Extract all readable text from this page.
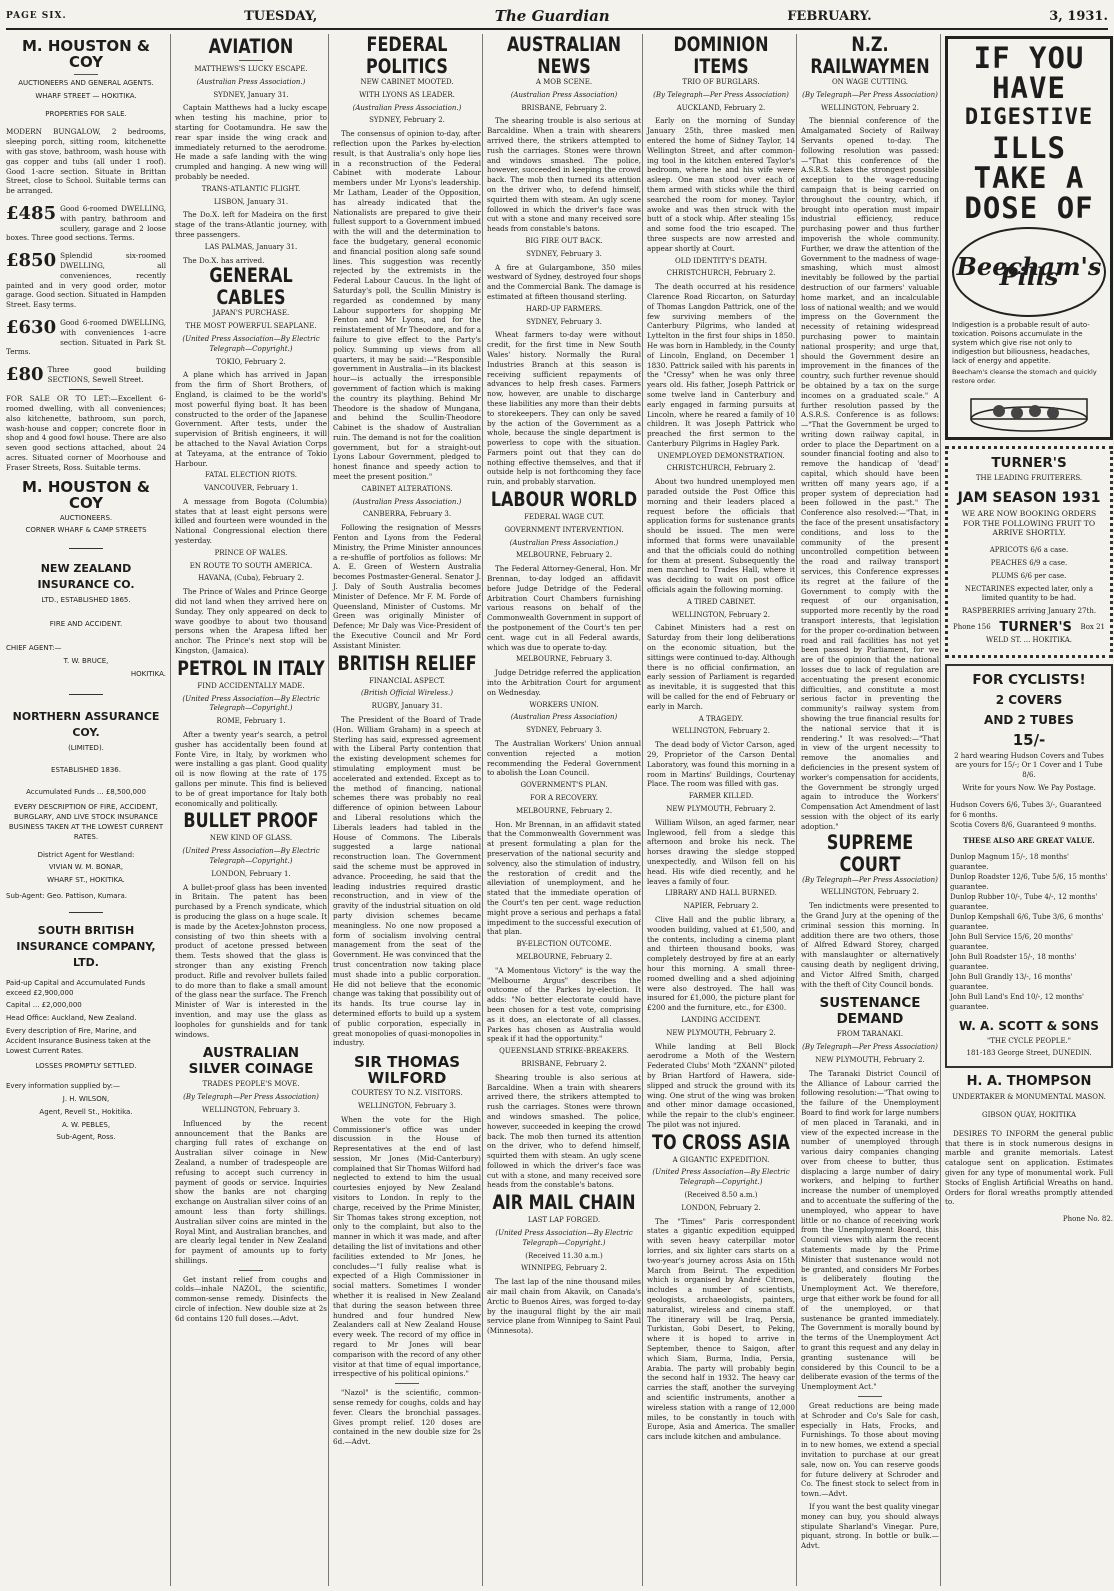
PAGE SIX.	TUESDAY,	The Guardian	FEBRUARY.	3, 1931.
M. HOUSTON & COY
AUCTIONEERS AND GENERAL AGENTS.
WHARF STREET — HOKITIKA.
PROPERTIES FOR SALE.

MODERN BUNGALOW, 2 bedrooms, sleeping porch, sitting room, kitchenette with gas stove, bathroom, wash house with gas copper and tubs (all under 1 roof). Good 1-acre section. Situate in Brittan Street, close to School. Suitable terms can be arranged.

£485 Good 6-roomed DWELLING, with pantry, bathroom and scullery, garage and 2 loose boxes. Three good sections. Terms.
£850 Splendid six-roomed DWELLING, all conveniences, recently painted and in very good order, motor garage. Good section. Situated in Hampden Street. Easy terms.
£630 Good 6-roomed DWELLING, with conveniences 1-acre section. Situated in Park St. Terms.
£80 Three good building SECTIONS, Sewell Street.

FOR SALE OR TO LET:—Excellent 6-roomed dwelling, with all conveniences; also kitchenette, bathroom, sun porch, wash-house and copper; concrete floor in shop and 4 good fowl house. There are also seven good sections attached, about 24 acres. Situated corner of Moorhouse and Fraser Streets, Ross. Suitable terms.

M. HOUSTON & COY
AUCTIONEERS.
CORNER WHARF & CAMP STREETS
NEW ZEALAND INSURANCE CO.
LTD., ESTABLISHED 1865.
FIRE AND ACCIDENT.
CHIEF AGENT:—
T. W. BRUCE,
HOKITIKA.
NORTHERN ASSURANCE COY.
(LIMITED).
ESTABLISHED 1836.
Accumulated Funds ... £8,500,000
EVERY DESCRIPTION OF FIRE, ACCIDENT, BURGLARY, AND LIVE STOCK INSURANCE BUSINESS TAKEN AT THE LOWEST CURRENT RATES.
District Agent for Westland:
VIVIAN W. M. BONAR,
WHARF ST., HOKITIKA.
Sub-Agent: Geo. Pattison, Kumara.
SOUTH BRITISH INSURANCE COMPANY, LTD.
Paid-up Capital and Accumulated Funds exceed £2,900,000
Capital ... £2,000,000
Head Office: Auckland, New Zealand.
Every description of Fire, Marine, and Accident Insurance Business taken at the Lowest Current Rates.
LOSSES PROMPTLY SETTLED.
Every information supplied by:—
J. H. WILSON,
Agent, Revell St., Hokitika.
A. W. PEBLES,
Sub-Agent, Ross.
AVIATION
MATTHEWS'S LUCKY ESCAPE.
(Australian Press Association.)
SYDNEY, January 31.

Captain Matthews had a lucky escape when testing his machine, prior to starting for Cootamundra. He saw the rear spar inside the wing crack and immediately returned to the aerodrome. He made a safe landing with the wing crumpled and hanging. A new wing will probably be needed.

TRANS-ATLANTIC FLIGHT.
LISBON, January 31.

The Do.X. left for Madeira on the first stage of the trans-Atlantic journey, with three passengers.

LAS PALMAS, January 31.

The Do.X. has arrived.

GENERAL CABLES
JAPAN'S PURCHASE.
THE MOST POWERFUL SEAPLANE.
(United Press Association—By Electric Telegraph—Copyright.)
TOKIO, February 2.

A plane which has arrived in Japan from the firm of Short Brothers, of England, is claimed to be the world's most powerful flying boat. It has been constructed to the order of the Japanese Government. After tests, under the supervision of British engineers, it will be attached to the Naval Aviation Corps at Tateyama, at the entrance of Tokio Harbour.

FATAL ELECTION RIOTS.
VANCOUVER, February 1.

A message from Bogota (Columbia) states that at least eight persons were killed and fourteen were wounded in the National Congressional election there yesterday.

PRINCE OF WALES.
EN ROUTE TO SOUTH AMERICA.
HAVANA, (Cuba), February 2.

The Prince of Wales and Prince George did not land when they arrived here on Sunday. They only appeared on deck to wave goodbye to about two thousand persons when the Arapesa lifted her anchor. The Prince's next stop will be Kingston, (Jamaica).

PETROL IN ITALY
FIND ACCIDENTALLY MADE.
(United Press Association—By Electric Telegraph—Copyright.)
ROME, February 1.

After a twenty year's search, a petrol gusher has accidentally been found at Fonte Vire, in Italy, by workmen who were installing a gas plant. Good quality oil is now flowing at the rate of 175 gallons per minute. This find is believed to be of great importance for Italy both economically and politically.

BULLET PROOF
NEW KIND OF GLASS.
(United Press Association—By Electric Telegraph—Copyright.)
LONDON, February 1.

A bullet-proof glass has been invented in Britain. The patent has been purchased by a French syndicate, which is producing the glass on a huge scale. It is made by the Acetex-Johnston process, consisting of two thin sheets with a product of acetone pressed between them. Tests showed that the glass is stronger than any existing French product. Rifle and revolver bullets failed to do more than to flake a small amount of the glass near the surface. The French Minister of War is interested in the invention, and may use the glass as loopholes for gunshields and for tank windows.

AUSTRALIAN SILVER COINAGE
TRADES PEOPLE'S MOVE.
(By Telegraph—Per Press Association)
WELLINGTON, February 3.

Influenced by the recent announcement that the Banks are charging full rates of exchange on Australian silver coinage in New Zealand, a number of tradespeople are refusing to accept such currency in payment of goods or service. Inquiries show the banks are not charging exchange on Australian silver coins of an amount less than forty shillings. Australian silver coins are minted in the Royal Mint, and Australian branches, and are clearly legal tender in New Zealand for payment of amounts up to forty shillings.

Get instant relief from coughs and colds—inhale NAZOL, the scientific, common-sense remedy. Disinfects the circle of infection. New double size at 2s 6d contains 120 full doses.—Advt.

FEDERAL POLITICS
NEW CABINET MOOTED.
WITH LYONS AS LEADER.
(Australian Press Association.)
SYDNEY, February 2.

The consensus of opinion to-day, after reflection upon the Parkes by-election result, is that Australia's only hope lies in a reconstruction of the Federal Cabinet with moderate Labour members under Mr Lyons's leadership. Mr Latham, Leader of the Opposition, has already indicated that the Nationalists are prepared to give their fullest support to a Government imbued with the will and the determination to face the budgetary, general economic and financial position along safe sound lines. This suggestion was recently rejected by the extremists in the Federal Labour Caucus. In the light of Saturday's poll, the Scullin Ministry is regarded as condemned by many Labour supporters for shopping Mr Fenton and Mr Lyons, and for the reinstatement of Mr Theodore, and for a failure to give effect to the Party's policy. Summing up views from all quarters, it may be said:—"Responsible government in Australia—in its blackest hour—is actually the irresponsible government of faction which is making the country its plaything. Behind Mr Theodore is the shadow of Mungana, and behind the Scullin-Theodore Cabinet is the shadow of Australian ruin. The demand is not for the coalition government, but for a straight-out Lyons Labour Government, pledged to honest finance and speedy action to meet the present position."

CABINET ALTERATIONS.
(Australian Press Association.)
CANBERRA, February 3.

Following the resignation of Messrs Fenton and Lyons from the Federal Ministry, the Prime Minister announces a re-shuffle of portfolios as follows: Mr A. E. Green of Western Australia becomes Postmaster-General. Senator J. J. Daly of South Australia becomes Minister of Defence. Mr F. M. Forde of Queensland, Minister of Customs. Mr Green was originally Minister of Defence; Mr Daly was Vice-President of the Executive Council and Mr Ford Assistant Minister.

BRITISH RELIEF
FINANCIAL ASPECT.
(British Official Wireless.)
RUGBY, January 31.

The President of the Board of Trade (Hon. William Graham) in a speech at Sterling has said, expressed agreement with the Liberal Party contention that the existing development schemes for stimulating employment must be accelerated and extended. Except as to the method of financing, national schemes there was probably no real difference of opinion between Labour and Liberal resolutions which the Liberals leaders had tabled in the House of Commons. The Liberals suggested a large national reconstruction loan. The Government said the scheme must be approved in advance. Proceeding, he said that the leading industries required drastic reconstruction, and in view of the gravity of the industrial situation on old party division schemes became meaningless. No one now proposed a form of socialism involving central management from the seat of the Government. He was convinced that the trust concentration now taking place must shade into a public corporation. He did not believe that the economic change was taking that possibility out of its hands. Its true course lay in determined efforts to build up a system of public corporation, especially in great monopolies of quasi-monopolies in industry.

SIR THOMAS WILFORD
COURTESY TO N.Z. VISITORS.
WELLINGTON, February 3.

When the vote for the High Commissioner's office was under discussion in the House of Representatives at the end of last session, Mr Jones (Mid-Canterbury) complained that Sir Thomas Wilford had neglected to extend to him the usual courtesies enjoyed by New Zealand visitors to London. In reply to the charge, received by the Prime Minister, Sir Thomas takes strong exception, not only to the complaint, but also to the manner in which it was made, and after detailing the list of invitations and other facilities extended to Mr Jones, he concludes—"I fully realise what is expected of a High Commissioner in social matters. Sometimes I wonder whether it is realised in New Zealand that during the season between three hundred and four hundred New Zealanders call at New Zealand House every week. The record of my office in regard to Mr Jones will bear comparison with the record of any other visitor at that time of equal importance, irrespective of his political opinions."

"Nazol" is the scientific, common-sense remedy for coughs, colds and hay fever. Clears the bronchial passages. Gives prompt relief. 120 doses are contained in the new double size for 2s 6d.—Advt.

AUSTRALIAN NEWS
A MOB SCENE.
(Australian Press Association)
BRISBANE, February 2.

The shearing trouble is also serious at Barcaldine. When a train with shearers arrived there, the strikers attempted to rush the carriages. Stones were thrown and windows smashed. The police, however, succeeded in keeping the crowd back. The mob then turned its attention on the driver who, to defend himself, squirted them with steam. An ugly scene followed in which the driver's face was cut with a stone and many received sore heads from constable's batons.

BIG FIRE OUT BACK.
SYDNEY, February 3.

A fire at Gulargambone, 350 miles westward of Sydney, destroyed four shops and the Commercial Bank. The damage is estimated at fifteen thousand sterling.

HARD-UP FARMERS.
SYDNEY, February 3.

Wheat farmers to-day were without credit, for the first time in New South Wales' history. Normally the Rural Industries Branch at this season is receiving sufficient repayments of advances to help fresh cases. Farmers now, however, are unable to discharge these liabilities any more than their debts to storekeepers. They can only be saved by the action of the Government as a whole, because the single department is powerless to cope with the situation. Farmers point out that they can do nothing effective themselves, and that if outside help is not forthcoming they face ruin, and probably starvation.

LABOUR WORLD
FEDERAL WAGE CUT.
GOVERNMENT INTERVENTION.
(Australian Press Association.)
MELBOURNE, February 2.

The Federal Attorney-General, Hon. Mr Brennan, to-day lodged an affidavit before Judge Detridge of the Federal Arbitration Court Chambers furnishing various reasons on behalf of the Commonwealth Government in support of the postponement of the Court's ten per cent. wage cut in all Federal awards, which was due to operate to-day.

MELBOURNE, February 3.

Judge Detridge referred the application into the Arbitration Court for argument on Wednesday.

WORKERS UNION.
(Australian Press Association)
SYDNEY, February 3.

The Australian Workers' Union annual convention rejected a motion recommending the Federal Government to abolish the Loan Council.

GOVERNMENT'S PLAN.
FOR A RECOVERY.
MELBOURNE, February 2.

Hon. Mr Brennan, in an affidavit stated that the Commonwealth Government was at present formulating a plan for the preservation of the national security and solvency, also the stimulation of industry, the restoration of credit and the alleviation of unemployment, and he stated that the immediate operation of the Court's ten per cent. wage reduction might prove a serious and perhaps a fatal impediment to the successful execution of that plan.

BY-ELECTION OUTCOME.
MELBOURNE, February 2.

"A Momentous Victory" is the way the "Melbourne Argus" describes the outcome of the Parkes by-election. It adds: "No better electorate could have been chosen for a test vote, comprising as it does, an electorate of all classes. Parkes has chosen as Australia would speak if it had the opportunity."

QUEENSLAND STRIKE-BREAKERS.
BRISBANE, February 2.

Shearing trouble is also serious at Barcaldine. When a train with shearers arrived there, the strikers attempted to rush the carriages. Stones were thrown and windows smashed. The police, however, succeeded in keeping the crowd back. The mob then turned its attention on the driver, who to defend himself, squirted them with steam. An ugly scene followed in which the driver's face was cut with a stone, and many received sore heads from the constable's batons.

AIR MAIL CHAIN
LAST LAP FORGED.
(United Press Association—By Electric Telegraph—Copyright.)
(Received 11.30 a.m.)
WINNIPEG, February 2.

The last lap of the nine thousand miles air mail chain from Akavik, on Canada's Arctic to Buenos Aires, was forged to-day by the inaugural flight by the air mail service plane from Winnipeg to Saint Paul (Minnesota).

DOMINION ITEMS
TRIO OF BURGLARS.
(By Telegraph—Per Press Association)
AUCKLAND, February 2.

Early on the morning of Sunday January 25th, three masked men entered the home of Sidney Taylor, 14 Wellington Street, and after common-ing tool in the kitchen entered Taylor's bedroom, where he and his wife were asleep. One man stood over each of them armed with sticks while the third searched the room for money. Taylor awoke and was then struck with the butt of a stock whip. After stealing 15s and some food the trio escaped. The three suspects are now arrested and appear shortly at Court.

OLD IDENTITY'S DEATH.
CHRISTCHURCH, February 2.

The death occurred at his residence Clarence Road Riccarton, on Saturday of Thomas Langdon Pattrick, one of the few surviving members of the Canterbury Pilgrims, who landed at Lyttelton in the first four ships in 1850. He was born in Hambledy, in the County of Lincoln, England, on December 1 1830. Pattrick sailed with his parents in the "Cressy" when he was only three years old. His father, Joseph Pattrick or some twelve land in Canterbury and early engaged in farming pursuits at Lincoln, where he reared a family of 10 children. It was Joseph Pattrick who preached the first sermon to the Canterbury Pilgrims in Hagley Park.

UNEMPLOYED DEMONSTRATION.
CHRISTCHURCH, February 2.

About two hundred unemployed men paraded outside the Post Office this morning and their leaders placed a request before the officials that application forms for sustenance grants should be issued. The men were informed that forms were unavailable and that the officials could do nothing for them at present. Subsequently the men marched to Trades Hall, where it was deciding to wait on post office officials again the following morning.

A TIRED CABINET.
WELLINGTON, February 2.

Cabinet Ministers had a rest on Saturday from their long deliberations on the economic situation, but the sittings were continued to-day. Although there is no official confirmation, an early session of Parliament is regarded as inevitable, it is suggested that this will be called for the end of February or early in March.

A TRAGEDY.
WELLINGTON, February 2.

The dead body of Victor Carson, aged 29, Proprietor of the Carson Dental Laboratory, was found this morning in a room in Martins' Buildings, Courtenay Place. The room was filled with gas.

FARMER KILLED.
NEW PLYMOUTH, February 2.

William Wilson, an aged farmer, near Inglewood, fell from a sledge this afternoon and broke his neck. The horses drawing the sledge stopped unexpectedly, and Wilson fell on his head. His wife died recently, and he leaves a family of four.

LIBRARY AND HALL BURNED.
NAPIER, February 2.

Clive Hall and the public library, a wooden building, valued at £1,500, and the contents, including a cinema plant and thirteen thousand books, was completely destroyed by fire at an early hour this morning. A small three-roomed dwelling and a shed adjoining were also destroyed. The hall was insured for £1,000, the picture plant for £200 and the furniture, etc., for £300.

LANDING ACCIDENT.
NEW PLYMOUTH, February 2.

While landing at Bell Block aerodrome a Moth of the Western Federated Clubs' Moth "ZXANN" piloted by Brian Hartford of Hawera, side-slipped and struck the ground with its wing. One strut of the wing was broken and other minor damage occasioned, while the repair to the club's engineer. The pilot was not injured.

TO CROSS ASIA
A GIGANTIC EXPEDITION.
(United Press Association—By Electric Telegraph—Copyright.)
(Received 8.50 a.m.)
LONDON, February 2.

The "Times" Paris correspondent states a gigantic expedition equipped with seven heavy caterpillar motor lorries, and six lighter cars starts on a two-year's journey across Asia on 15th March from Beirut. The expedition which is organised by André Citroen, includes a number of scientists, geologists, archaeologists, painters, naturalist, wireless and cinema staff. The itinerary will be Iraq, Persia, Turkistan, Gobi Desert, to Peking, where it is hoped to arrive in September, thence to Saigon, after which Siam, Burma, India, Persia, Arabia. The party will probably begin the second half in 1932. The heavy car carries the staff, another the surveying and scientific instruments, another a wireless station with a range of 12,000 miles, to be constantly in touch with Europe, Asia and America. The smaller cars include kitchen and ambulance.

N.Z. RAILWAYMEN
ON WAGE CUTTING.
(By Telegraph—Per Press Association)
WELLINGTON, February 2.

The biennial conference of the Amalgamated Society of Railway Servants opened to-day. The following resolution was passed:—"That this conference of the A.S.R.S. takes the strongest possible exception to the wage-reducing campaign that is being carried on throughout the country, which, if brought into operation must impair industrial efficiency, reduce purchasing power and thus further impoverish the whole community. Further, we draw the attention of the Government to the madness of wage-smashing, which must almost inevitably be followed by the partial destruction of our farmers' valuable home market, and an incalculable loss of national wealth; and we would impress on the Government the necessity of retaining widespread purchasing power to maintain national prosperity; and urge that, should the Government desire an improvement in the finances of the country, such further revenue should be obtained by a tax on the surge incomes on a graduated scale." A further resolution passed by the A.S.R.S. Conference is as follows:—"That the Government be urged to writing down railway capital, in order to place the Department on a sounder financial footing and also to remove the handicap of 'dead' capital, which should have been written off many years ago, if a proper system of depreciation had been followed in the past." The Conference also resolved:—"That, in the face of the present unsatisfactory conditions, and loss to the community of the present uncontrolled competition between the road and railway transport services, this Conference expresses its regret at the failure of the Government to comply with the request of our organisation, supported more recently by the road transport interests, that legislation for the proper co-ordination between road and rail facilities has not yet been passed by Parliament, for we are of the opinion that the national losses due to lack of regulation are accentuating the present economic difficulties, and constitute a most serious factor in preventing the community's railway system from showing the true financial results for the national service that it is rendering." It was resolved:—"That in view of the urgent necessity to remove the anomalies and deficiencies in the present system of worker's compensation for accidents, the Government be strongly urged again to introduce the Workers' Compensation Act Amendment of last session with the object of its early adoption."

SUPREME COURT
(By Telegraph—Per Press Association)
WELLINGTON, February 2.

Ten indictments were presented to the Grand Jury at the opening of the criminal session this morning. In addition there are two others, those of Alfred Edward Storey, charged with manslaughter or alternatively causing death by negligent driving, and Victor Alfred Smith, charged with the theft of City Council bonds.

SUSTENANCE DEMAND
FROM TARANAKI.
(By Telegraph—Per Press Association)
NEW PLYMOUTH, February 2.

The Taranaki District Council of the Alliance of Labour carried the following resolution:—"That owing to the failure of the Unemployment Board to find work for large numbers of men placed in Taranaki, and in view of the expected increase in the number of unemployed through various dairy companies changing over from cheese to butter, thus displacing a large number of dairy workers, and helping to further increase the number of unemployed and to accentuate the suffering of the unemployed, who appear to have little or no chance of receiving work from the Unemployment Board, this Council views with alarm the recent statements made by the Prime Minister that sustenance would not be granted, and considers Mr Forbes is deliberately flouting the Unemployment Act. We therefore, urge that either work be found for all of the unemployed, or that sustenance be granted immediately. The Government is morally bound by the terms of the Unemployment Act to grant this request and any delay in granting sustenance will be considered by this Council to be a deliberate evasion of the terms of the Unemployment Act."

Great reductions are being made at Schroder and Co's Sale for cash, especially in Hats, Frocks, and Furnishings. To those about moving in to new homes, we extend a special invitation to purchase at our great sale, now on. You can reserve goods for future delivery at Schroder and Co. The finest stock to select from in town.—Advt.

If you want the best quality vinegar money can buy, you should always stipulate Sharland's Vinegar. Pure, piquant, strong. In bottle or bulk.—Advt.

IF YOU
HAVE
DIGESTIVE
ILLS
TAKE A
DOSE OF
Beecham's Pills
Indigestion is a probable result of auto-toxication. Poisons accumulate in the system which give rise not only to indigestion but biliousness, headaches, lack of energy and appetite.
Beecham's cleanse the stomach and quickly restore order.
TURNER'S
THE LEADING FRUITERERS.
JAM SEASON 1931
WE ARE NOW BOOKING ORDERS FOR THE FOLLOWING FRUIT TO ARRIVE SHORTLY.
APRICOTS 6/6 a case.
PEACHES 6/9 a case.
PLUMS 6/6 per case.
NECTARINES expected later, only a limited quantity to be had.
RASPBERRIES arriving January 27th.
Phone 156 TURNER'S Box 21
WELD ST. ... HOKITIKA.
FOR CYCLISTS!
2 COVERS
AND 2 TUBES
15/-
2 hard wearing Hudson Covers and Tubes are yours for 15/-; Or 1 Cover and 1 Tube 8/6.
Write for yours Now. We Pay Postage.
Hudson Covers 6/6, Tubes 3/-, Guaranteed for 6 months.
Scotia Covers 8/6, Guaranteed 9 months.
THESE ALSO ARE GREAT VALUE.
Dunlop Magnum 15/-, 18 months' guarantee.
Dunlop Roadster 12/6, Tube 5/6, 15 months' guarantee.
Dunlop Rubber 10/-, Tube 4/-, 12 months' guarantee.
Dunlop Kempshall 6/6, Tube 3/6, 6 months' guarantee.
John Bull Service 15/6, 20 months' guarantee.
John Bull Roadster 15/-, 18 months' guarantee.
John Bull Grandly 13/-, 16 months' guarantee.
John Bull Land's End 10/-, 12 months' guarantee.
W. A. SCOTT & SONS
"THE CYCLE PEOPLE."
181-183 George Street, DUNEDIN.
H. A. THOMPSON
UNDERTAKER & MONUMENTAL MASON.
GIBSON QUAY, HOKITIKA

DESIRES TO INFORM the general public that there is in stock numerous designs in marble and granite memorials. Latest catalogue sent on application. Estimates given for any type of monumental work. Full Stocks of English Artificial Wreaths on hand. Orders for floral wreaths promptly attended to.

Phone No. 82.
